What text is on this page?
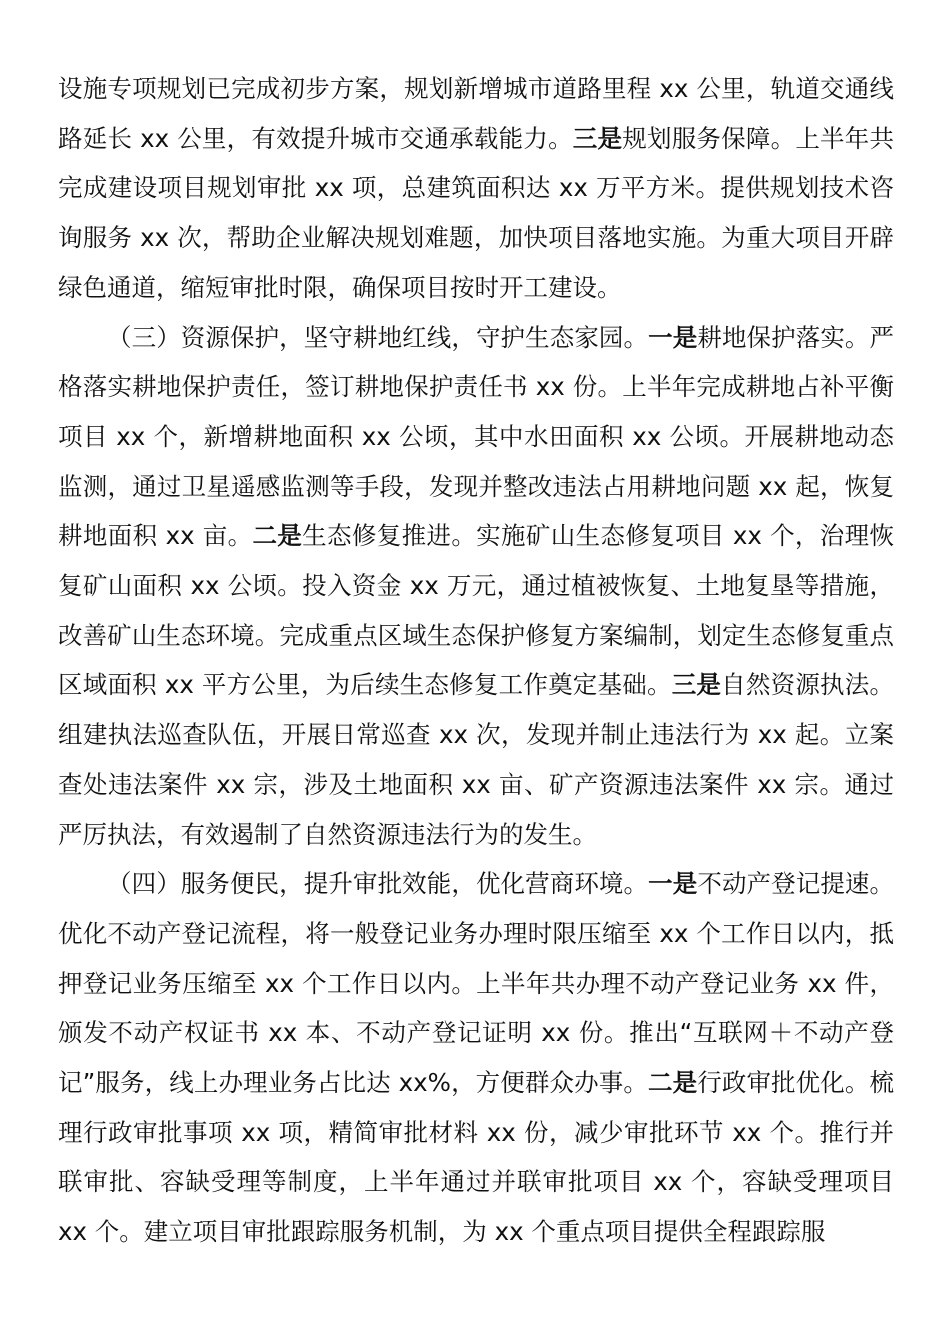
设施专项规划已完成初步方案，规划新增城市道路里程 xx 公里，轨道交通线路延长 xx 公里，有效提升城市交通承载能力。三是规划服务保障。上半年共完成建设项目规划审批 xx 项，总建筑面积达 xx 万平方米。提供规划技术咨询服务 xx 次，帮助企业解决规划难题，加快项目落地实施。为重大项目开辟绿色通道，缩短审批时限，确保项目按时开工建设。

（三）资源保护，坚守耕地红线，守护生态家园。一是耕地保护落实。严格落实耕地保护责任，签订耕地保护责任书 xx 份。上半年完成耕地占补平衡项目 xx 个，新增耕地面积 xx 公顷，其中水田面积 xx 公顷。开展耕地动态监测，通过卫星遥感监测等手段，发现并整改违法占用耕地问题 xx 起，恢复耕地面积 xx 亩。二是生态修复推进。实施矿山生态修复项目 xx 个，治理恢复矿山面积 xx 公顷。投入资金 xx 万元，通过植被恢复、土地复垦等措施，改善矿山生态环境。完成重点区域生态保护修复方案编制，划定生态修复重点区域面积 xx 平方公里，为后续生态修复工作奠定基础。三是自然资源执法。组建执法巡查队伍，开展日常巡查 xx 次，发现并制止违法行为 xx 起。立案查处违法案件 xx 宗，涉及土地面积 xx 亩、矿产资源违法案件 xx 宗。通过严厉执法，有效遏制了自然资源违法行为的发生。

（四）服务便民，提升审批效能，优化营商环境。一是不动产登记提速。优化不动产登记流程，将一般登记业务办理时限压缩至 xx 个工作日以内，抵押登记业务压缩至 xx 个工作日以内。上半年共办理不动产登记业务 xx 件，颁发不动产权证书 xx 本、不动产登记证明 xx 份。推出“互联网＋不动产登记”服务，线上办理业务占比达 xx%，方便群众办事。二是行政审批优化。梳理行政审批事项 xx 项，精简审批材料 xx 份，减少审批环节 xx 个。推行并联审批、容缺受理等制度，上半年通过并联审批项目 xx 个，容缺受理项目 xx 个。建立项目审批跟踪服务机制，为 xx 个重点项目提供全程跟踪服
